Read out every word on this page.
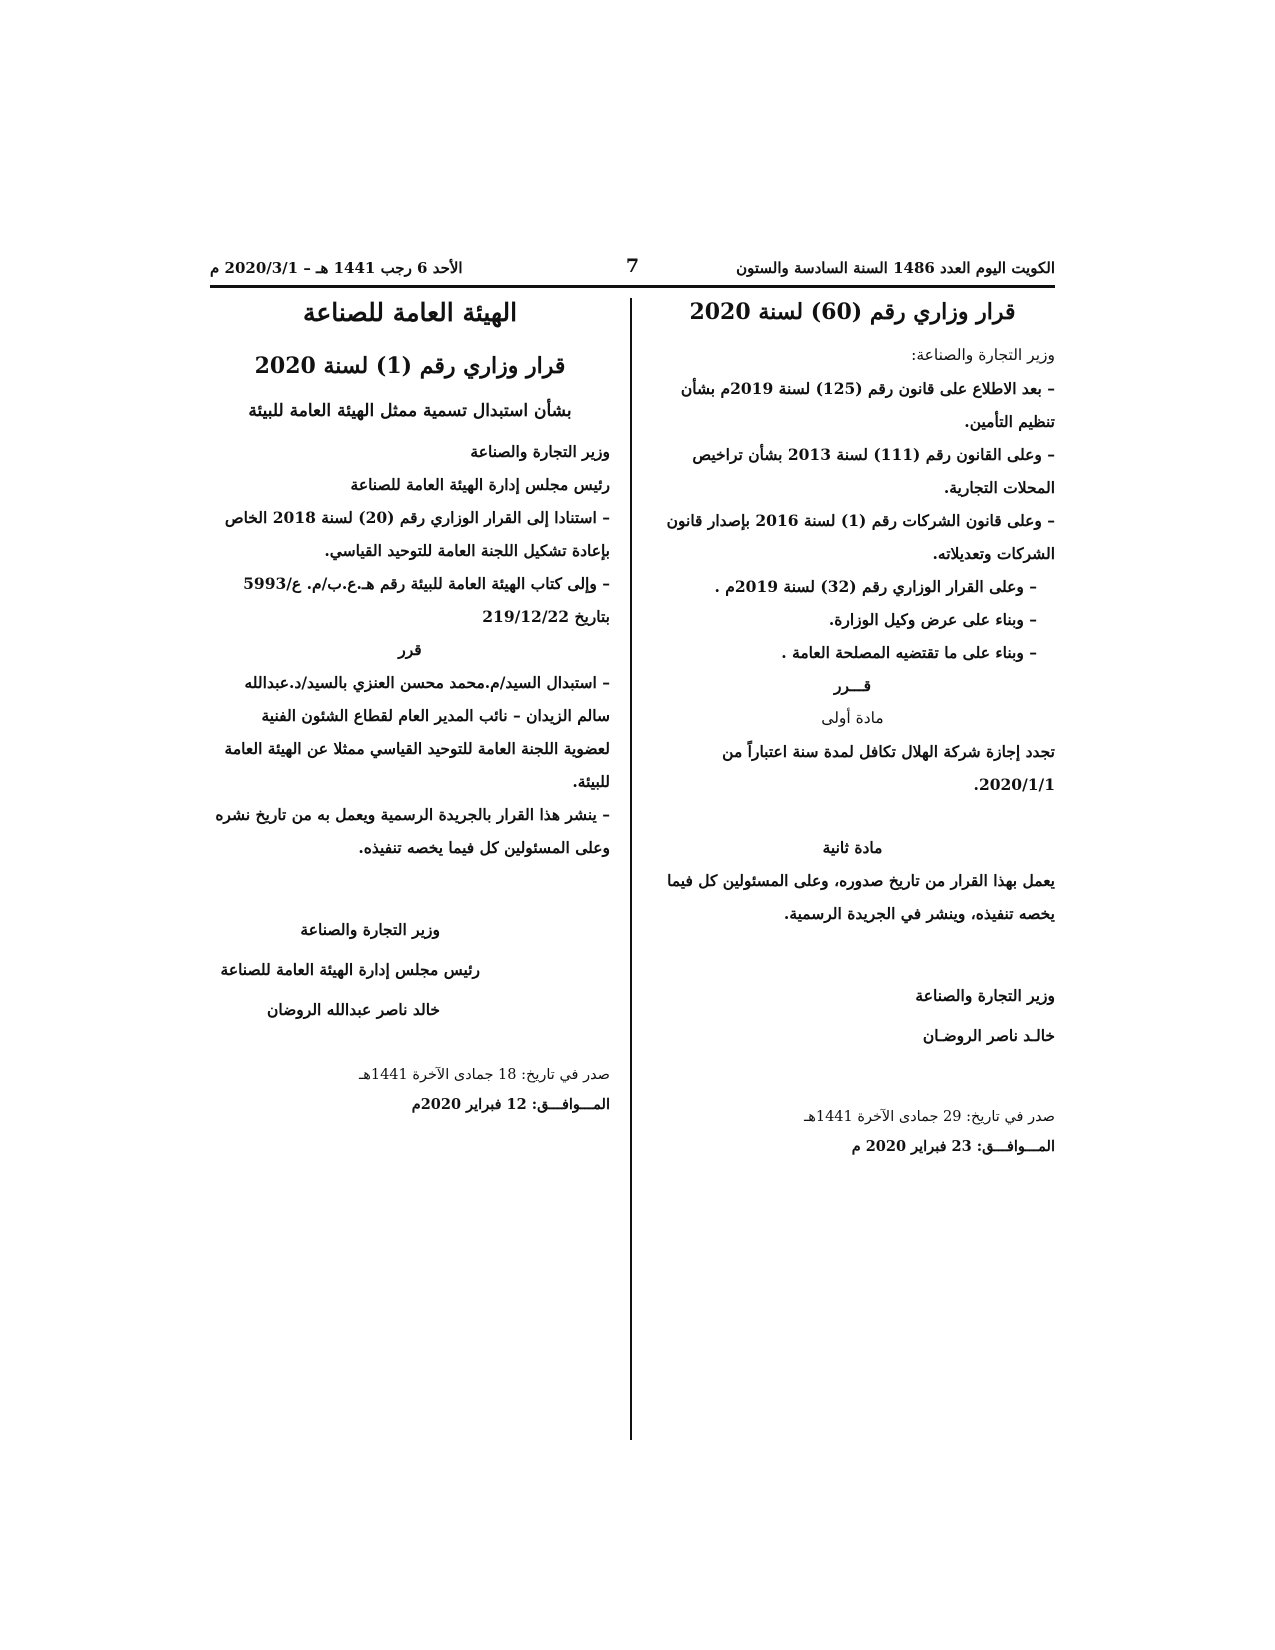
الكويت اليوم العدد 1486 السنة السادسة والستون
7
الأحد 6 رجب 1441 هـ – 2020/3/1 م

قرار وزاري رقم (60) لسنة 2020

وزير التجارة والصناعة:

– بعد الاطلاع على قانون رقم (125) لسنة 2019م بشأن تنظيم التأمين.

– وعلى القانون رقم (111) لسنة 2013 بشأن تراخيص المحلات التجارية.

– وعلى قانون الشركات رقم (1) لسنة 2016 بإصدار قانون الشركات وتعديلاته.

– وعلى القرار الوزاري رقم (32) لسنة 2019م .

– وبناء على عرض وكيل الوزارة.

– وبناء على ما تقتضيه المصلحة العامة .

قـــرر

مادة أولى

تجدد إجازة شركة الهلال تكافل لمدة سنة اعتباراً من 2020/1/1.

مادة ثانية

يعمل بهذا القرار من تاريخ صدوره، وعلى المسئولين كل فيما يخصه تنفيذه، وينشر في الجريدة الرسمية.

وزير التجارة والصناعة

خالـد ناصر الروضـان

صدر في تاريخ: 29 جمادى الآخرة 1441هـ

المـــوافـــق: 23 فبراير 2020 م

الهيئة العامة للصناعة

قرار وزاري رقم (1) لسنة 2020

بشأن استبدال تسمية ممثل الهيئة العامة للبيئة

وزير التجارة والصناعة

رئيس مجلس إدارة الهيئة العامة للصناعة

– استنادا إلى القرار الوزاري رقم (20) لسنة 2018 الخاص بإعادة تشكيل اللجنة العامة للتوحيد القياسي.

– وإلى كتاب الهيئة العامة للبيئة رقم هـ.ع.ب/م. ع/5993 بتاريخ 219/12/22

قرر

– استبدال السيد/م.محمد محسن العنزي بالسيد/د.عبدالله سالم الزيدان – نائب المدير العام لقطاع الشئون الفنية لعضوية اللجنة العامة للتوحيد القياسي ممثلا عن الهيئة العامة للبيئة.

– ينشر هذا القرار بالجريدة الرسمية ويعمل به من تاريخ نشره وعلى المسئولين كل فيما يخصه تنفيذه.

وزير التجارة والصناعة

رئيس مجلس إدارة الهيئة العامة للصناعة

خالد ناصر عبدالله الروضان

صدر في تاريخ: 18 جمادى الآخرة 1441هـ

المـــوافـــق: 12 فبراير 2020م
